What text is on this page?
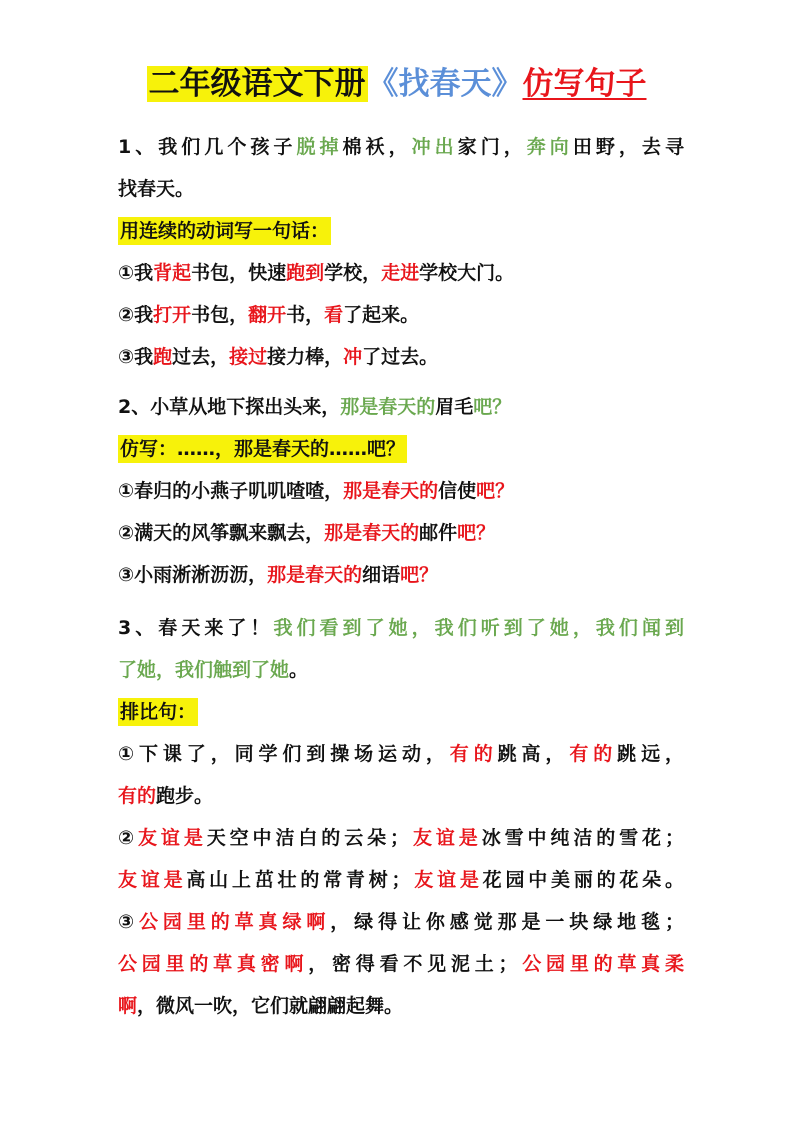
二年级语文下册《找春天》仿写句子
1、我们几个孩子脱掉棉袄，冲出家门，奔向田野，去寻
找春天。
用连续的动词写一句话：
①我背起书包，快速跑到学校，走进学校大门。
②我打开书包，翻开书，看了起来。
③我跑过去，接过接力棒，冲了过去。
2、小草从地下探出头来，那是春天的眉毛吧？
仿写：……，那是春天的……吧？
①春归的小燕子叽叽喳喳，那是春天的信使吧？
②满天的风筝飘来飘去，那是春天的邮件吧？
③小雨淅淅沥沥，那是春天的细语吧？
3、春天来了！我们看到了她，我们听到了她，我们闻到
了她，我们触到了她。
排比句：
①下课了，同学们到操场运动，有的跳高，有的跳远，
有的跑步。
②友谊是天空中洁白的云朵；友谊是冰雪中纯洁的雪花；
友谊是高山上茁壮的常青树；友谊是花园中美丽的花朵。
③公园里的草真绿啊，绿得让你感觉那是一块绿地毯；
公园里的草真密啊，密得看不见泥土；公园里的草真柔
啊，微风一吹，它们就翩翩起舞。
